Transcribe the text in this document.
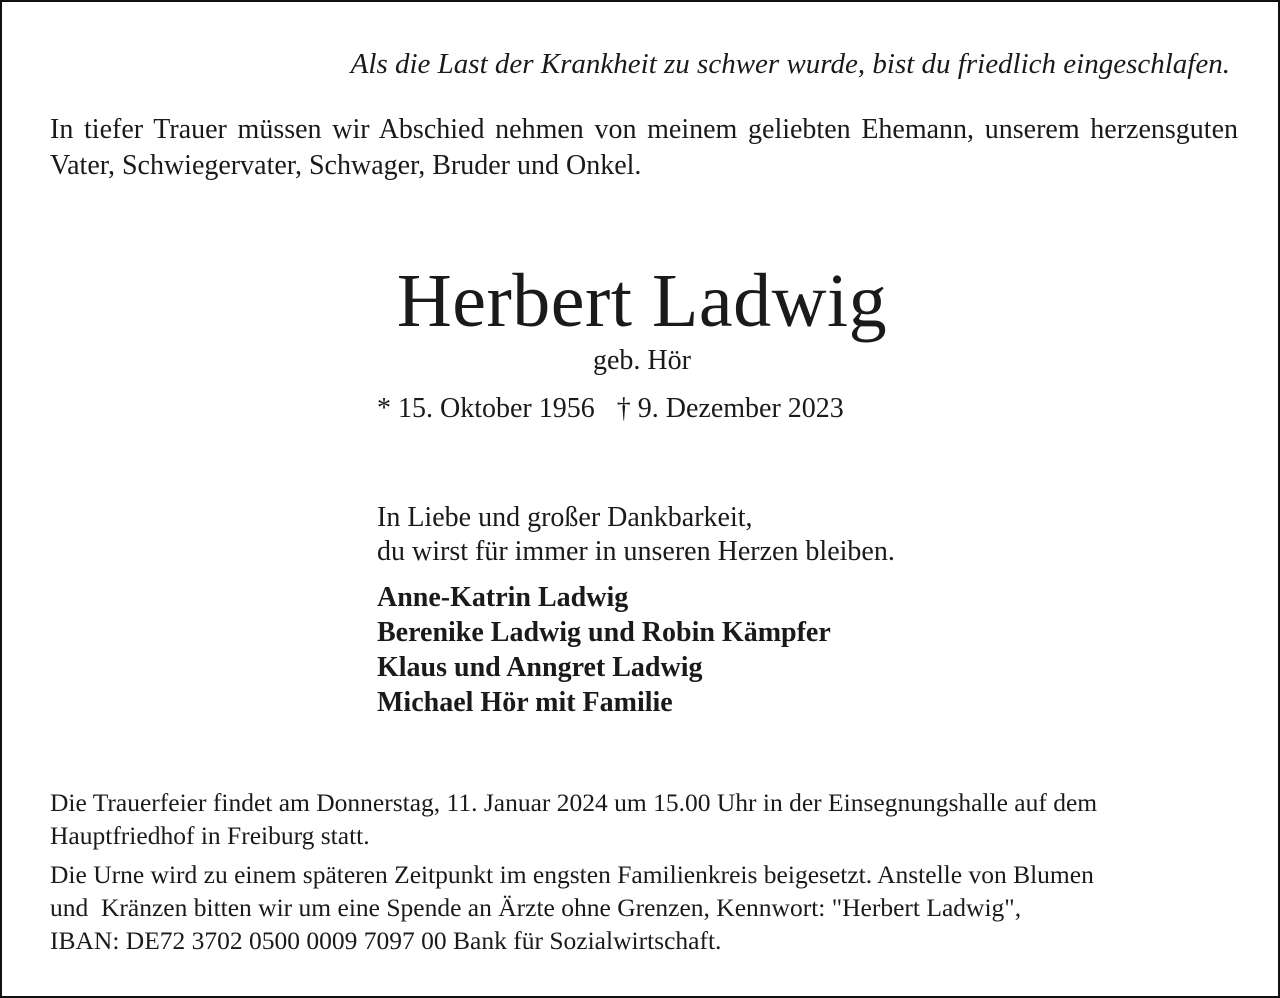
Als die Last der Krankheit zu schwer wurde, bist du friedlich eingeschlafen.
In tiefer Trauer müssen wir Abschied nehmen von meinem geliebten Ehemann, unserem herzensguten Vater, Schwiegervater, Schwager, Bruder und Onkel.
Herbert Ladwig
geb. Hör
* 15. Oktober 1956 † 9. Dezember 2023
In Liebe und großer Dankbarkeit,
du wirst für immer in unseren Herzen bleiben.
Anne-Katrin Ladwig
Berenike Ladwig und Robin Kämpfer
Klaus und Anngret Ladwig
Michael Hör mit Familie
Die Trauerfeier findet am Donnerstag, 11. Januar 2024 um 15.00 Uhr in der Einsegnungshalle auf dem Hauptfriedhof in Freiburg statt.
Die Urne wird zu einem späteren Zeitpunkt im engsten Familienkreis beigesetzt. Anstelle von Blumen
und  Kränzen bitten wir um eine Spende an Ärzte ohne Grenzen, Kennwort: "Herbert Ladwig",
IBAN: DE72 3702 0500 0009 7097 00 Bank für Sozialwirtschaft.
